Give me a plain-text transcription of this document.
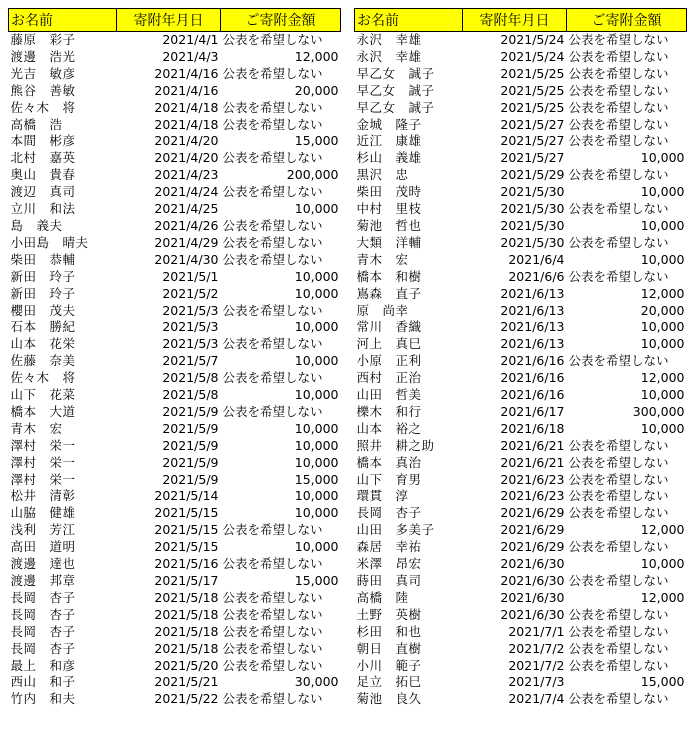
お名前	寄附年月日	ご寄附金額
藤原　彩子	2021/4/1	公表を希望しない
渡邊　浩光	2021/4/3	12,000
光吉　敏彦	2021/4/16	公表を希望しない
熊谷　善敏	2021/4/16	20,000
佐々木　将	2021/4/18	公表を希望しない
高橋　浩	2021/4/18	公表を希望しない
本間　彬彦	2021/4/20	15,000
北村　嘉英	2021/4/20	公表を希望しない
奥山　貴春	2021/4/23	200,000
渡辺　真司	2021/4/24	公表を希望しない
立川　和法	2021/4/25	10,000
島　義夫	2021/4/26	公表を希望しない
小田島　晴夫	2021/4/29	公表を希望しない
柴田　恭輔	2021/4/30	公表を希望しない
新田　玲子	2021/5/1	10,000
新田　玲子	2021/5/2	10,000
櫻田　茂夫	2021/5/3	公表を希望しない
石本　勝紀	2021/5/3	10,000
山本　花栄	2021/5/3	公表を希望しない
佐藤　奈美	2021/5/7	10,000
佐々木　将	2021/5/8	公表を希望しない
山下　花菜	2021/5/8	10,000
橋本　大道	2021/5/9	公表を希望しない
青木　宏	2021/5/9	10,000
澤村　栄一	2021/5/9	10,000
澤村　栄一	2021/5/9	10,000
澤村　栄一	2021/5/9	15,000
松井　清彰	2021/5/14	10,000
山脇　健雄	2021/5/15	10,000
浅利　芳江	2021/5/15	公表を希望しない
高田　道明	2021/5/15	10,000
渡邊　達也	2021/5/16	公表を希望しない
渡邊　邦章	2021/5/17	15,000
長岡　杏子	2021/5/18	公表を希望しない
長岡　杏子	2021/5/18	公表を希望しない
長岡　杏子	2021/5/18	公表を希望しない
長岡　杏子	2021/5/18	公表を希望しない
最上　和彦	2021/5/20	公表を希望しない
西山　和子	2021/5/21	30,000
竹内　和夫	2021/5/22	公表を希望しない
お名前	寄附年月日	ご寄附金額
永沢　幸雄	2021/5/24	公表を希望しない
永沢　幸雄	2021/5/24	公表を希望しない
早乙女　誠子	2021/5/25	公表を希望しない
早乙女　誠子	2021/5/25	公表を希望しない
早乙女　誠子	2021/5/25	公表を希望しない
金城　隆子	2021/5/27	公表を希望しない
近江　康雄	2021/5/27	公表を希望しない
杉山　義雄	2021/5/27	10,000
黒沢　忠	2021/5/29	公表を希望しない
柴田　茂時	2021/5/30	10,000
中村　里枝	2021/5/30	公表を希望しない
菊池　哲也	2021/5/30	10,000
大類　洋輔	2021/5/30	公表を希望しない
青木　宏	2021/6/4	10,000
橋本　和樹	2021/6/6	公表を希望しない
嶌森　直子	2021/6/13	12,000
原　尚幸	2021/6/13	20,000
常川　香織	2021/6/13	10,000
河上　真巳	2021/6/13	10,000
小原　正利	2021/6/16	公表を希望しない
西村　正治	2021/6/16	12,000
山田　哲美	2021/6/16	10,000
櫟木　和行	2021/6/17	300,000
山本　裕之	2021/6/18	10,000
照井　耕之助	2021/6/21	公表を希望しない
橋本　真治	2021/6/21	公表を希望しない
山下　育男	2021/6/23	公表を希望しない
環貫　淳	2021/6/23	公表を希望しない
長岡　杏子	2021/6/29	公表を希望しない
山田　多美子	2021/6/29	12,000
森居　幸祐	2021/6/29	公表を希望しない
米澤　昂宏	2021/6/30	10,000
蒔田　真司	2021/6/30	公表を希望しない
高橋　陸	2021/6/30	12,000
土野　英樹	2021/6/30	公表を希望しない
杉田　和也	2021/7/1	公表を希望しない
朝日　直樹	2021/7/2	公表を希望しない
小川　範子	2021/7/2	公表を希望しない
足立　拓巳	2021/7/3	15,000
菊池　良久	2021/7/4	公表を希望しない
